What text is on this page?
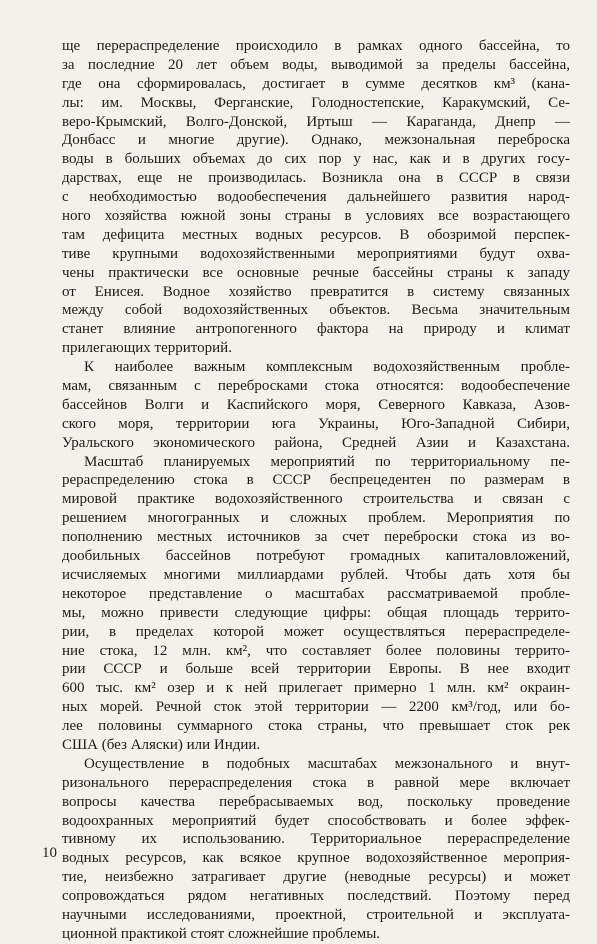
ще перераспределение происходило в рамках одного бассейна, то
за последние 20 лет объем воды, выводимой за пределы бассейна,
где она сформировалась, достигает в сумме десятков км³ (кана-
лы: им. Москвы, Ферганские, Голодностепские, Каракумский, Се-
веро-Крымский, Волго-Донской, Иртыш — Караганда, Днепр —
Донбасс и многие другие). Однако, межзональная переброска
воды в больших объемах до сих пор у нас, как и в других госу-
дарствах, еще не производилась. Возникла она в СССР в связи
с необходимостью водообеспечения дальнейшего развития народ-
ного хозяйства южной зоны страны в условиях все возрастающего
там дефицита местных водных ресурсов. В обозримой перспек-
тиве крупными водохозяйственными мероприятиями будут охва-
чены практически все основные речные бассейны страны к западу
от Енисея. Водное хозяйство превратится в систему связанных
между собой водохозяйственных объектов. Весьма значительным
станет влияние антропогенного фактора на природу и климат
прилегающих территорий.
К наиболее важным комплексным водохозяйственным пробле-
мам, связанным с перебросками стока относятся: водообеспечение
бассейнов Волги и Каспийского моря, Северного Кавказа, Азов-
ского моря, территории юга Украины, Юго-Западной Сибири,
Уральского экономического района, Средней Азии и Казахстана.
Масштаб планируемых мероприятий по территориальному пе-
рераспределению стока в СССР беспрецедентен по размерам в
мировой практике водохозяйственного строительства и связан с
решением многогранных и сложных проблем. Мероприятия по
пополнению местных источников за счет переброски стока из во-
дообильных бассейнов потребуют громадных капиталовложений,
исчисляемых многими миллиардами рублей. Чтобы дать хотя бы
некоторое представление о масштабах рассматриваемой пробле-
мы, можно привести следующие цифры: общая площадь террито-
рии, в пределах которой может осуществляться перераспределе-
ние стока, 12 млн. км², что составляет более половины террито-
рии СССР и больше всей территории Европы. В нее входит
600 тыс. км² озер и к ней прилегает примерно 1 млн. км² окраин-
ных морей. Речной сток этой территории — 2200 км³/год, или бо-
лее половины суммарного стока страны, что превышает сток рек
США (без Аляски) или Индии.
Осуществление в подобных масштабах межзонального и внут-
ризонального перераспределения стока в равной мере включает
вопросы качества перебрасываемых вод, поскольку проведение
водоохранных мероприятий будет способствовать и более эффек-
тивному их использованию. Территориальное перераспределение
водных ресурсов, как всякое крупное водохозяйственное мероприя-
тие, неизбежно затрагивает другие (неводные ресурсы) и может
сопровождаться рядом негативных последствий. Поэтому перед
научными исследованиями, проектной, строительной и эксплуата-
ционной практикой стоят сложнейшие проблемы.
10
